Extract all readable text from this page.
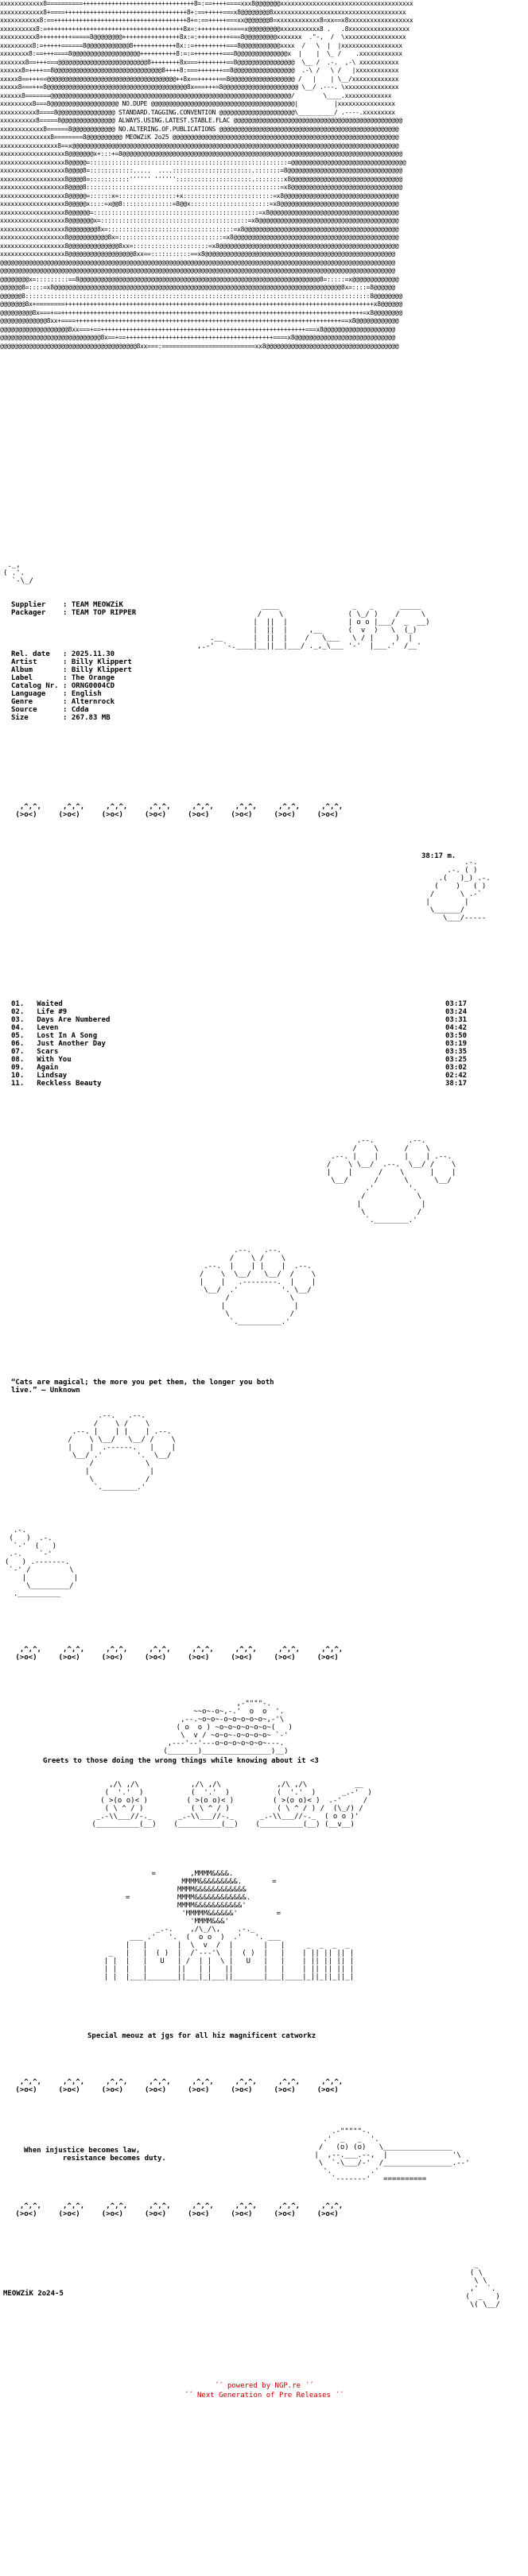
xxxxxxxxxxxx8==========+++++++++++++++++++++++++++++++8=:==++++====xxx8@@@@@@@xxxxxxxxxxxxxxxxxxxxxxxxxxxxxxxxxxxxx
xxxxxxxxxxxx8+====++++++++++++++++++++++++++++++++++8+:==+++++===x8@@@@@@@@8xxxxxxxxxxxxxxxxxxxxxxxxxxxxxxxxxxxxx
xxxxxxxxxxx8:==+++++++++++++++++++++++++++++++++++++8+=:==+++++===xx@@@@@@@8=xxxxxxxxxxxx8=xx==x8xxxxxxxxxxxxxxxxxx
xxxxxxxxxx8:=++++++++++++++++++++++++++++++++++++++8x=:+++++++++====x@@@@@@@@@xxxxxxxxxxx8 .   .8xxxxxxxxxxxxxxxxx
xxxxxxxxxx8+++++++++=====8@@@@@@@@++++++++++++++++8x:=:+++++++++===8@@@@@@@@@xxxxxxx  ."-,  /  \xxxxxxxxxxxxxxxxx
xxxxxxxxx8:=+++++======8@@@@@@@@@@@@8++++++++++++8x::=+++++++++===8@@@@@@@@@@@xxxx  /   \  |  |xxxxxxxxxxxxxxxxx
xxxxxxxx8:==+++====8@@@@@@@@@@@@@@@@@@@++++++++++8:=:=++++++++===8@@@@@@@@@@@@@@x  |    |  \_ /    .xxxxxxxxxxxx
xxxxxxx8==+++===@@@@@@@@@@@@@@@@@@@@@@@@@8++++++++8x===++++++++==8@@@@@@@@@@@@@@@@  \__ /  .-.  ,-\ xxxxxxxxxxx
xxxxxx8=++++==8@@@@@@@@@@@@@@@@@@@@@@@@@@@@@@8++++8:===+++++++==8@@@@@@@@@@@@@@@@@  .-\ /   \ /   |xxxxxxxxxxxx
xxxxx8==+++==@@@@@@@@@@@@@@@@@@@@@@@@@@@@@@@@@@@@++8x==++++++==8@@@@@@@@@@@@@@@@@@ /   |    | \__/xxxxxxxxxxxxx
xxxxx8===++=8@@@@@@@@@@@@@@@@@@@@@@@@@@@@@@@@@@@@@@@8x===+++=8@@@@@@@@@@@@@@@@@@@@@ \__/ .---. \xxxxxxxxxxxxxxx
xxxxxx8=======@@@@@@@@@@@@@@@@@@@@@@@@@@@@@@@@@@@@@@@@@@@@@@@@@@@@@@@@@@@@@@@@@@@/        \____.xxxxxxxxxxxxx
xxxxxxxxx8===8@@@@@@@@@@@@@@@@@@@ NO.DUPE @@@@@@@@@@@@@@@@@@@@@@@@@@@@@@@@@@@@@@@@|          |xxxxxxxxxxxxxxxx
xxxxxxxxxx8====8@@@@@@@@@@@@@@@@ STANDARD.TAGGING.CONVENTION @@@@@@@@@@@@@@@@@@@@@\__________/ .----.xxxxxxxxx
xxxxxxxxxx8=====8@@@@@@@@@@@@@@@ ALWAYS.USING.LATEST.STABLE.FLAC @@@@@@@@@@@@@@@@@@@@@@@@@@@@@@@@@@@@@@@@@@@@@@@
xxxxxxxxxxxx8======8@@@@@@@@@@@@ NO.ALTERING.OF.PUBLICATIONS @@@@@@@@@@@@@@@@@@@@@@@@@@@@@@@@@@@@@@@@@@@@@@@@@@
xxxxxxxxxxxxxx8========8@@@@@@@@@@ MEOWZiK 2o25 @@@@@@@@@@@@@@@@@@@@@@@@@@@@@@@@@@@@@@@@@@@@@@@@@@@@@@@@@@@@@@@
xxxxxxxxxxxxxxxx8==x@@@@@@@@@@@@@@@@@@@@@@@@@@@@@@@@@@@@@@@@@@@@@@@@@@@@@@@@@@@@@@@@@@@@@@@@@@@@@@@@@@@@@@@@@@@
xxxxxxxxxxxxxxxxxx8@@@@@@@x+:::+=8@@@@@@@@@@@@@@@@@@@@@@@@@@@@@@@@@@@@@@@@@@@@@@@@@@@@@@@@@@@@@@@@@@@@@@@@@@@@@@
xxxxxxxxxxxxxxxxxx8@@@@@=:::::::::::::::::::::::::::::::::::::::::::::::::::::::=@@@@@@@@@@@@@@@@@@@@@@@@@@@@@@@@
xxxxxxxxxxxxxxxxxx8@@@@8=::::::::::::.....  ....::::::::::::::::::::::.:::::::=8@@@@@@@@@@@@@@@@@@@@@@@@@@@@@@@@
xxxxxxxxxxxxxxxxxx8@@@@8=:::::::::::'''''' '''''':::::::::::::::::::::.::::::::x8@@@@@@@@@@@@@@@@@@@@@@@@@@@@@@@
xxxxxxxxxxxxxxxxxx8@@@@8::::::::::::::::::::::::::::::::::::::::::::::::::::::=x8@@@@@@@@@@@@@@@@@@@@@@@@@@@@@@@
xxxxxxxxxxxxxxxxxx8@@@@@=::::::x=::::::::::::::::+x:::::::::::::::::::::::::=x8@@@@@@@@@@@@@@@@@@@@@@@@@@@@@@@@
xxxxxxxxxxxxxxxxxx8@@@@@x::::=x@@8::::::::::::::=8@@x::::::::::::::::::::::=x8@@@@@@@@@@@@@@@@@@@@@@@@@@@@@@@@@
xxxxxxxxxxxxxxxxxx8@@@@@@=::::::::::::::::::::::::::::::::::::::::::::::=x8@@@@@@@@@@@@@@@@@@@@@@@@@@@@@@@@@@@@
xxxxxxxxxxxxxxxxxx8@@@@@@@x=:::::::::::::::::::::::::::::::::::::::::=x8@@@@@@@@@@@@@@@@@@@@@@@@@@@@@@@@@@@@@@@
xxxxxxxxxxxxxxxxxx8@@@@@@@@8x=:::::::::::::::::::::::::::::::::::=x8@@@@@@@@@@@@@@@@@@@@@@@@@@@@@@@@@@@@@@@@@@@
xxxxxxxxxxxxxxxxxx8@@@@@@@@@@@8x=:::::::::::::::::::::::::::::=x8@@@@@@@@@@@@@@@@@@@@@@@@@@@@@@@@@@@@@@@@@@@@@@
xxxxxxxxxxxxxxxxxx8@@@@@@@@@@@@@@8xx=:::::::::::::::::::::=x8@@@@@@@@@@@@@@@@@@@@@@@@@@@@@@@@@@@@@@@@@@@@@@@@@@
xxxxxxxxxxxxxxxxxx8@@@@@@@@@@@@@@@@@@8xx==:::::::::::==x8@@@@@@@@@@@@@@@@@@@@@@@@@@@@@@@@@@@@@@@@@@@@@@@@@@@@@
@@@@@@@@@@@@@@@@@@@@@@@@@@@@@@@@@@@@@@@@@@@@@@@@@@@@@@@@@@@@@@@@@@@@@@@@@@@@@@@@@@@@@@@@@@@@@@@@@@@@@@@@@@@@@@
@@@@@@@@@@@@@@@@@@@@@@@@@@@@@@@@@@@@@@@@@@@@@@@@@@@@@@@@@@@@@@@@@@@@@@@@@@@@@@@@@@@@@@@@@@@@@@@@@@@@@@@@@@@@@@
@@@@@@@@x=:::::::::==8@@@@@@@@@@@@@@@@@@@@@@@@@@@@@@@@@@@@@@@@@@@@@@@@@@@@@@@@@@@@@@@@@@@8=:::::=x@@@@@@@@@@@@@
@@@@@@8=::::=x8@@@@@@@@@@@@@@@@@@@@@@@@@@@@@@@@@@@@@@@@@@@@@@@@@@@@@@@@@@@@@@@@@@@@@@@@@@@@@@@@8x=::::=8@@@@@@
@@@@@@8::::::::::::::::::::::::::::::::::::::::::::::::::::::::::::::::::::::::::::::::::::::::::::::::8@@@@@@@@
@@@@@@@8x+========++++++++++++++++++++++++++++++++++++++++++++++++++++++++++++++++++++++++++++++++++++++x8@@@@@@
@@@@@@@@@8x===+==++++++++++++++++++++++++++++++++++++++++++++++++++++++++++++++++++++++++++++++++++++=x8@@@@@@@@
@@@@@@@@@@@@@8xx+====++++++++++++++++++++++++++++++++++++++++++++++++++++++++++++++++++++++++++==x8@@@@@@@@@@@@
@@@@@@@@@@@@@@@@@@@8xx===+==+++++++++++++++++++++++++++++++++++++++++++++++++++++++++===x8@@@@@@@@@@@@@@@@@@@@
@@@@@@@@@@@@@@@@@@@@@@@@@@@@8x==+==+++++++++++++++++++++++++++++++++++++++++====x8@@@@@@@@@@@@@@@@@@@@@@@@@@@@
@@@@@@@@@@@@@@@@@@@@@@@@@@@@@@@@@@@@@@8xx===:==========================xx8@@@@@@@@@@@@@@@@@@@@@@@@@@@@@@@@@@@@@
._,
( .'.
`-\_/
Supplier    : TEAM MEOWZiK
Packager    : TEAM TOP RIPPER
____                 _   _      _____
/    \               ( \_/ )    /     \
|  ||  |              | o o |___/  _  __)
|  ||  |     ,__      (  v  )   \  (_)
.__       |  ||  |    /   \___   \ / |     )  |
,.-'  `-.____|__||__|___/ ._,_\___ '-'  |___.'  /__'
Rel. date   : 2025.11.30
Artist      : Billy Klippert
Album       : Billy Klippert
Label       : The Orange
Catalog Nr. : ORNG0004CD
Language    : English
Genre       : Alternrock
Source      : Cdda
Size        : 267.83 MB
,^,^,     ,^,^,     ,^,^,     ,^,^,     ,^,^,     ,^,^,     ,^,^,     ,^,^,
(>o<)     (>o<)     (>o<)     (>o<)     (>o<)     (>o<)     (>o<)     (>o<)
38:17 m.
.-.
.-. ( )
.(   )_) .-.
(    )   ( )
/      \ .-`
|        |
\______/
\___/-----
01. Waited	03:17
02. Life #9	03:24
03. Days Are Numbered	03:31
04. Leven	04:42
05. Lost In A Song	03:50
06. Just Another Day	03:19
07. Scars	03:35
08. With You	03:25
09. Again	03:02
10. Lindsay	02:42
11. Reckless Beauty	38:17
.--.        .--.
/    \      /    \
.--. |    |      |    | .--.
/    \ \__/  .--.  \__/ /    \
|    |      /    \      |    |
\__/      /      \      \__/
.'        '.
/            \
|              |
\            /
`.________.'
.--.   .--.
/    \ /    \
.--.  |    | |    |  .--.
/    \  \__/   \__/  /    \
|    |   .--------.  |    |
\__/  .'          '. \__/
/              \
|                |
\              /
`.__________.'

“Cats are magical; the more you pet them, the longer you both
live.” – Unknown
.--.   .--.
/    \ /    \
.--. |    | |    | .--.
/    \ \__/   \__/ /    \
|    |  .------.   |    |
\__/ .'        '.  \__/
/            \
|              |
\            /
`.________.'
.-.
(   )  .-.
`-'  (   )
.-.    `-'
(   ) .-------.
`-' /         \
|           |
\_________/
.__________
,^,^,     ,^,^,     ,^,^,     ,^,^,     ,^,^,     ,^,^,     ,^,^,     ,^,^,
(>o<)     (>o<)     (>o<)     (>o<)     (>o<)     (>o<)     (>o<)     (>o<)
,-""""-.
~~o~-o~,-.'  o  o  '.
,--.~o~o~-o~o~o~o~o~,-'\
( o  o ) ~o~o~o~o~o~o~(   )
\  v / ~o~o~-o~o~o~o~ `-'
,---'--'---o~o~o~o~o~o~---.
(_______)________________)__)
Greets to those doing the wrong things while knowing about it <3
,/\ ,/\            ,/\ ,/\             ,/\ ,/\           __
(  '.'  )           (  '.'  )           (  '.'  )      _.-'  )
( >(o o)< )         ( >(o o)< )         ( >(o o)< )  .-'     /
( \ ^ / )           ( \ ^ / )           ( \ ^ / ) /  (\_/) /
_.-\\___//-._      _.-\\___//-._      _.-\\___//-._  ( o o )'
(__________(__)    (__________(__)    (__________(__) (__v__)
=        ,MMMM&&&&.
MMMM&&&&&&&&&.       =
MMMM&&&&&&&&&&&&
=           MMMM&&&&&&&&&&&&.
MMMM&&&&&&&&&&&'
'MMMMM&&&&&&'         =
'MMMM&&&'
_.-.    ,/\_/\,    .-._
___ .'   '.  (  o o  )  .'   '. ___
|   |       |  \  v  /  |       |   |     _  _  _  _
_   |   |  ( )  |  /`---'\  |  ( )  |   |    | || || || |
| |  |   |   U   | /  | |  \ |   U   |   |    | || || || |
| |  |   |       ||   | |   ||       |   |    | || || || |
| |  |___|_______||___|_|___||_______|___|____|_||_||_||_|
Special meouz at jgs for all hiz magnificent catworkz
,^,^,     ,^,^,     ,^,^,     ,^,^,     ,^,^,     ,^,^,     ,^,^,     ,^,^,
(>o<)     (>o<)     (>o<)     (>o<)     (>o<)     (>o<)     (>o<)     (>o<)

When injustice becomes law,
resistance becomes duty.
.-"""""-.
.'  _   _  '.
/   (o) (o)   \________________
|  ,--.___.--,  |               '\
\  `-\___/-'  /________________.--'
'.         .'
`-------'   ==========
,^,^,     ,^,^,     ,^,^,     ,^,^,     ,^,^,     ,^,^,     ,^,^,     ,^,^,
(>o<)     (>o<)     (>o<)     (>o<)     (>o<)     (>o<)     (>o<)     (>o<)
_
( \
\ \
,'  `.
(  _   )
\( \__/
MEOWZiK 2o24-5
´´ powered by NGP.re ´´
´´ Next Generation of Pre Releases ´´
